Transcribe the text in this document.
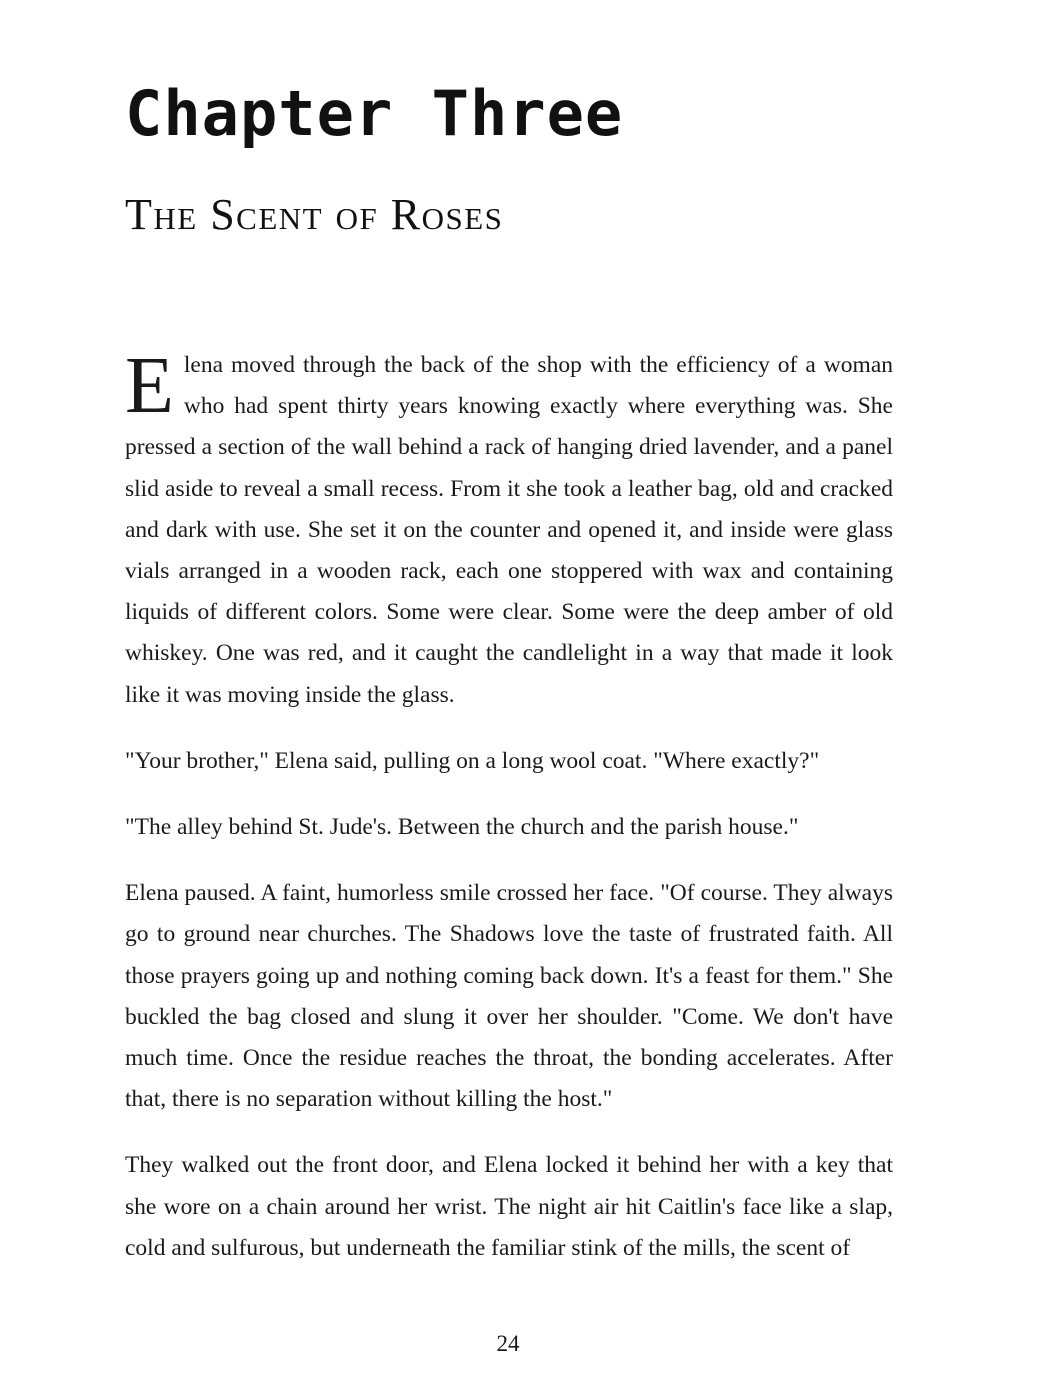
Chapter Three
The Scent of Roses

Elena moved through the back of the shop with the efficiency of a woman who had spent thirty years knowing exactly where everything was. She pressed a section of the wall behind a rack of hanging dried lavender, and a panel slid aside to reveal a small recess. From it she took a leather bag, old and cracked and dark with use. She set it on the counter and opened it, and inside were glass vials arranged in a wooden rack, each one stoppered with wax and containing liquids of different colors. Some were clear. Some were the deep amber of old whiskey. One was red, and it caught the candlelight in a way that made it look like it was moving inside the glass.

"Your brother," Elena said, pulling on a long wool coat. "Where exactly?"

"The alley behind St. Jude's. Between the church and the parish house."

Elena paused. A faint, humorless smile crossed her face. "Of course. They always go to ground near churches. The Shadows love the taste of frustrated faith. All those prayers going up and nothing coming back down. It's a feast for them." She buckled the bag closed and slung it over her shoulder. "Come. We don't have much time. Once the residue reaches the throat, the bonding accelerates. After that, there is no separation without killing the host."

They walked out the front door, and Elena locked it behind her with a key that she wore on a chain around her wrist. The night air hit Caitlin's face like a slap, cold and sulfurous, but underneath the familiar stink of the mills, the scent of

24
